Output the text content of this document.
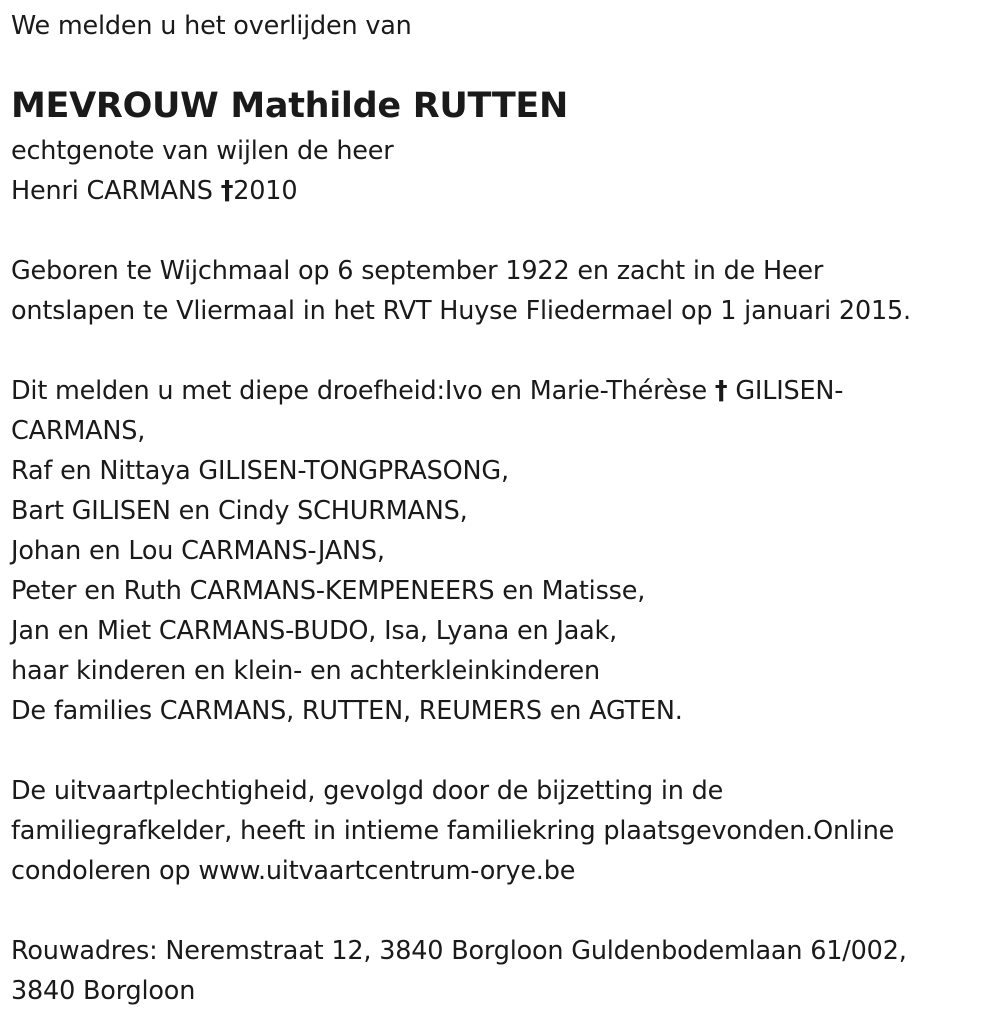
We melden u het overlijden van
MEVROUW Mathilde RUTTEN
echtgenote van wijlen de heer
Henri CARMANS †2010
Geboren te Wijchmaal op 6 september 1922 en zacht in de Heer
ontslapen te Vliermaal in het RVT Huyse Fliedermael op 1 januari 2015.
Dit melden u met diepe droefheid:Ivo en Marie-Thérèse † GILISEN-
CARMANS,
Raf en Nittaya GILISEN-TONGPRASONG,
Bart GILISEN en Cindy SCHURMANS,
Johan en Lou CARMANS-JANS,
Peter en Ruth CARMANS-KEMPENEERS en Matisse,
Jan en Miet CARMANS-BUDO, Isa, Lyana en Jaak,
haar kinderen en klein- en achterkleinkinderen
De families CARMANS, RUTTEN, REUMERS en AGTEN.
De uitvaartplechtigheid, gevolgd door de bijzetting in de
familiegrafkelder, heeft in intieme familiekring plaatsgevonden.Online
condoleren op www.uitvaartcentrum-orye.be
Rouwadres: Neremstraat 12, 3840 Borgloon Guldenbodemlaan 61/002,
3840 Borgloon
